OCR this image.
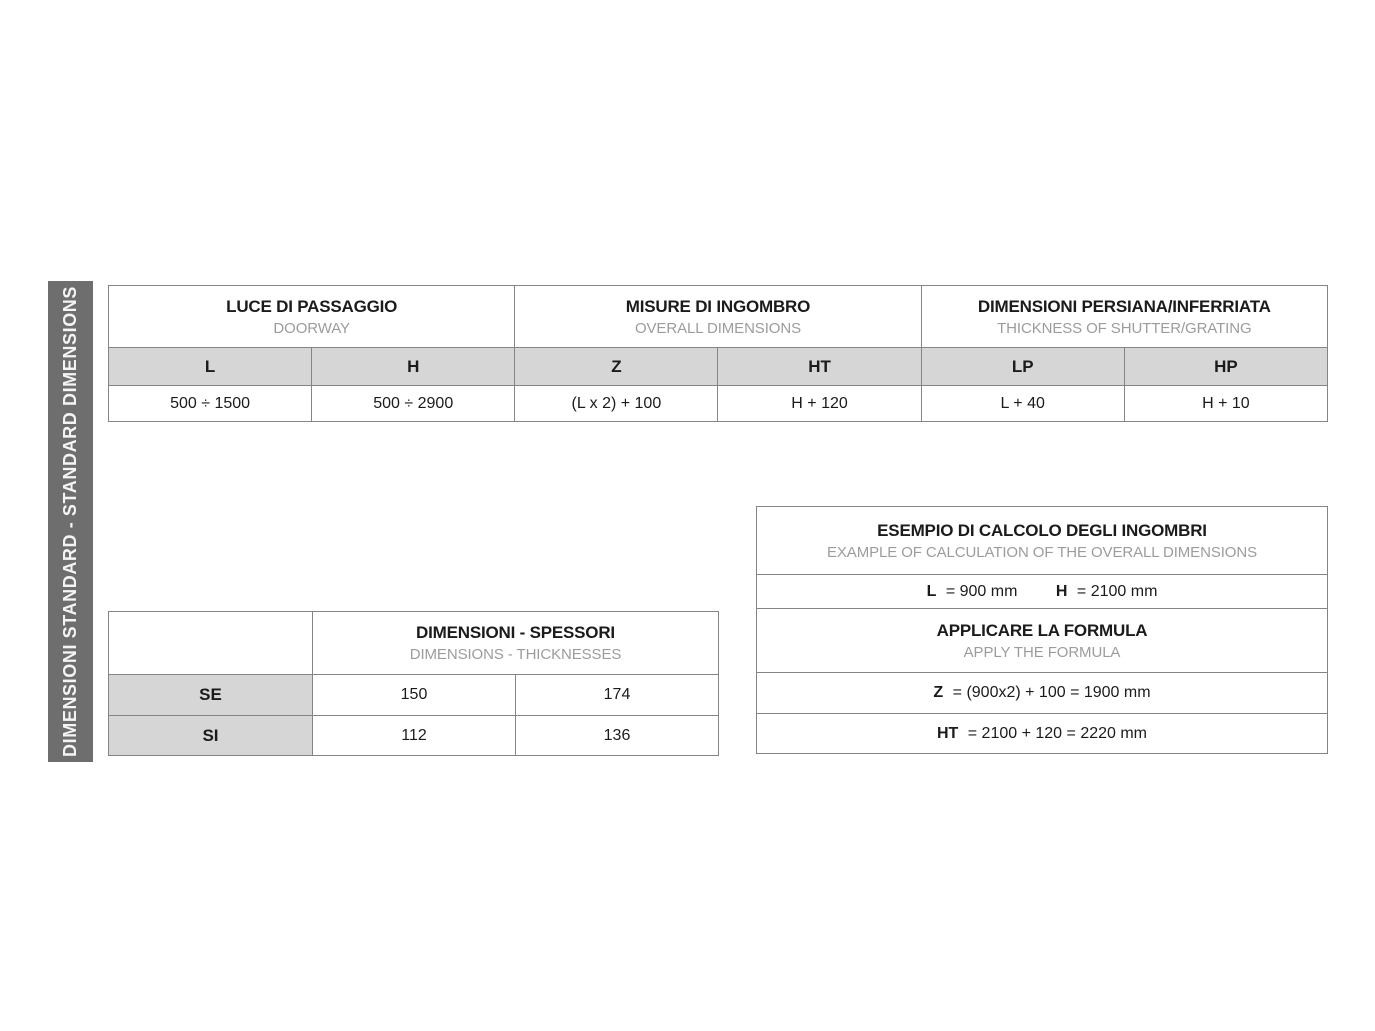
DIMENSIONI STANDARD - STANDARD DIMENSIONS	LUCE DI PASSAGGIO
DOORWAY

MISURE DI INGOMBRO
OVERALL DIMENSIONS

DIMENSIONI PERSIANA/INFERRIATA
THICKNESS OF SHUTTER/GRATING

L	H	Z	HT	LP	HP
500 ÷ 1500	500 ÷ 2900	(L x 2) + 100	H + 120	L + 40	H + 10

	DIMENSIONI - SPESSORI
DIMENSIONS - THICKNESSES	

SE	150	174
SI	112	136
ESEMPIO DI CALCOLO DEGLI INGOMBRI
EXAMPLE OF CALCULATION OF THE OVERALL DIMENSIONS

L = 900 mm H = 2100 mm

APPLICARE LA FORMULA
APPLY THE FORMULA

Z = (900x2) + 100 = 1900 mm
HT = 2100 + 120 = 2220 mm
